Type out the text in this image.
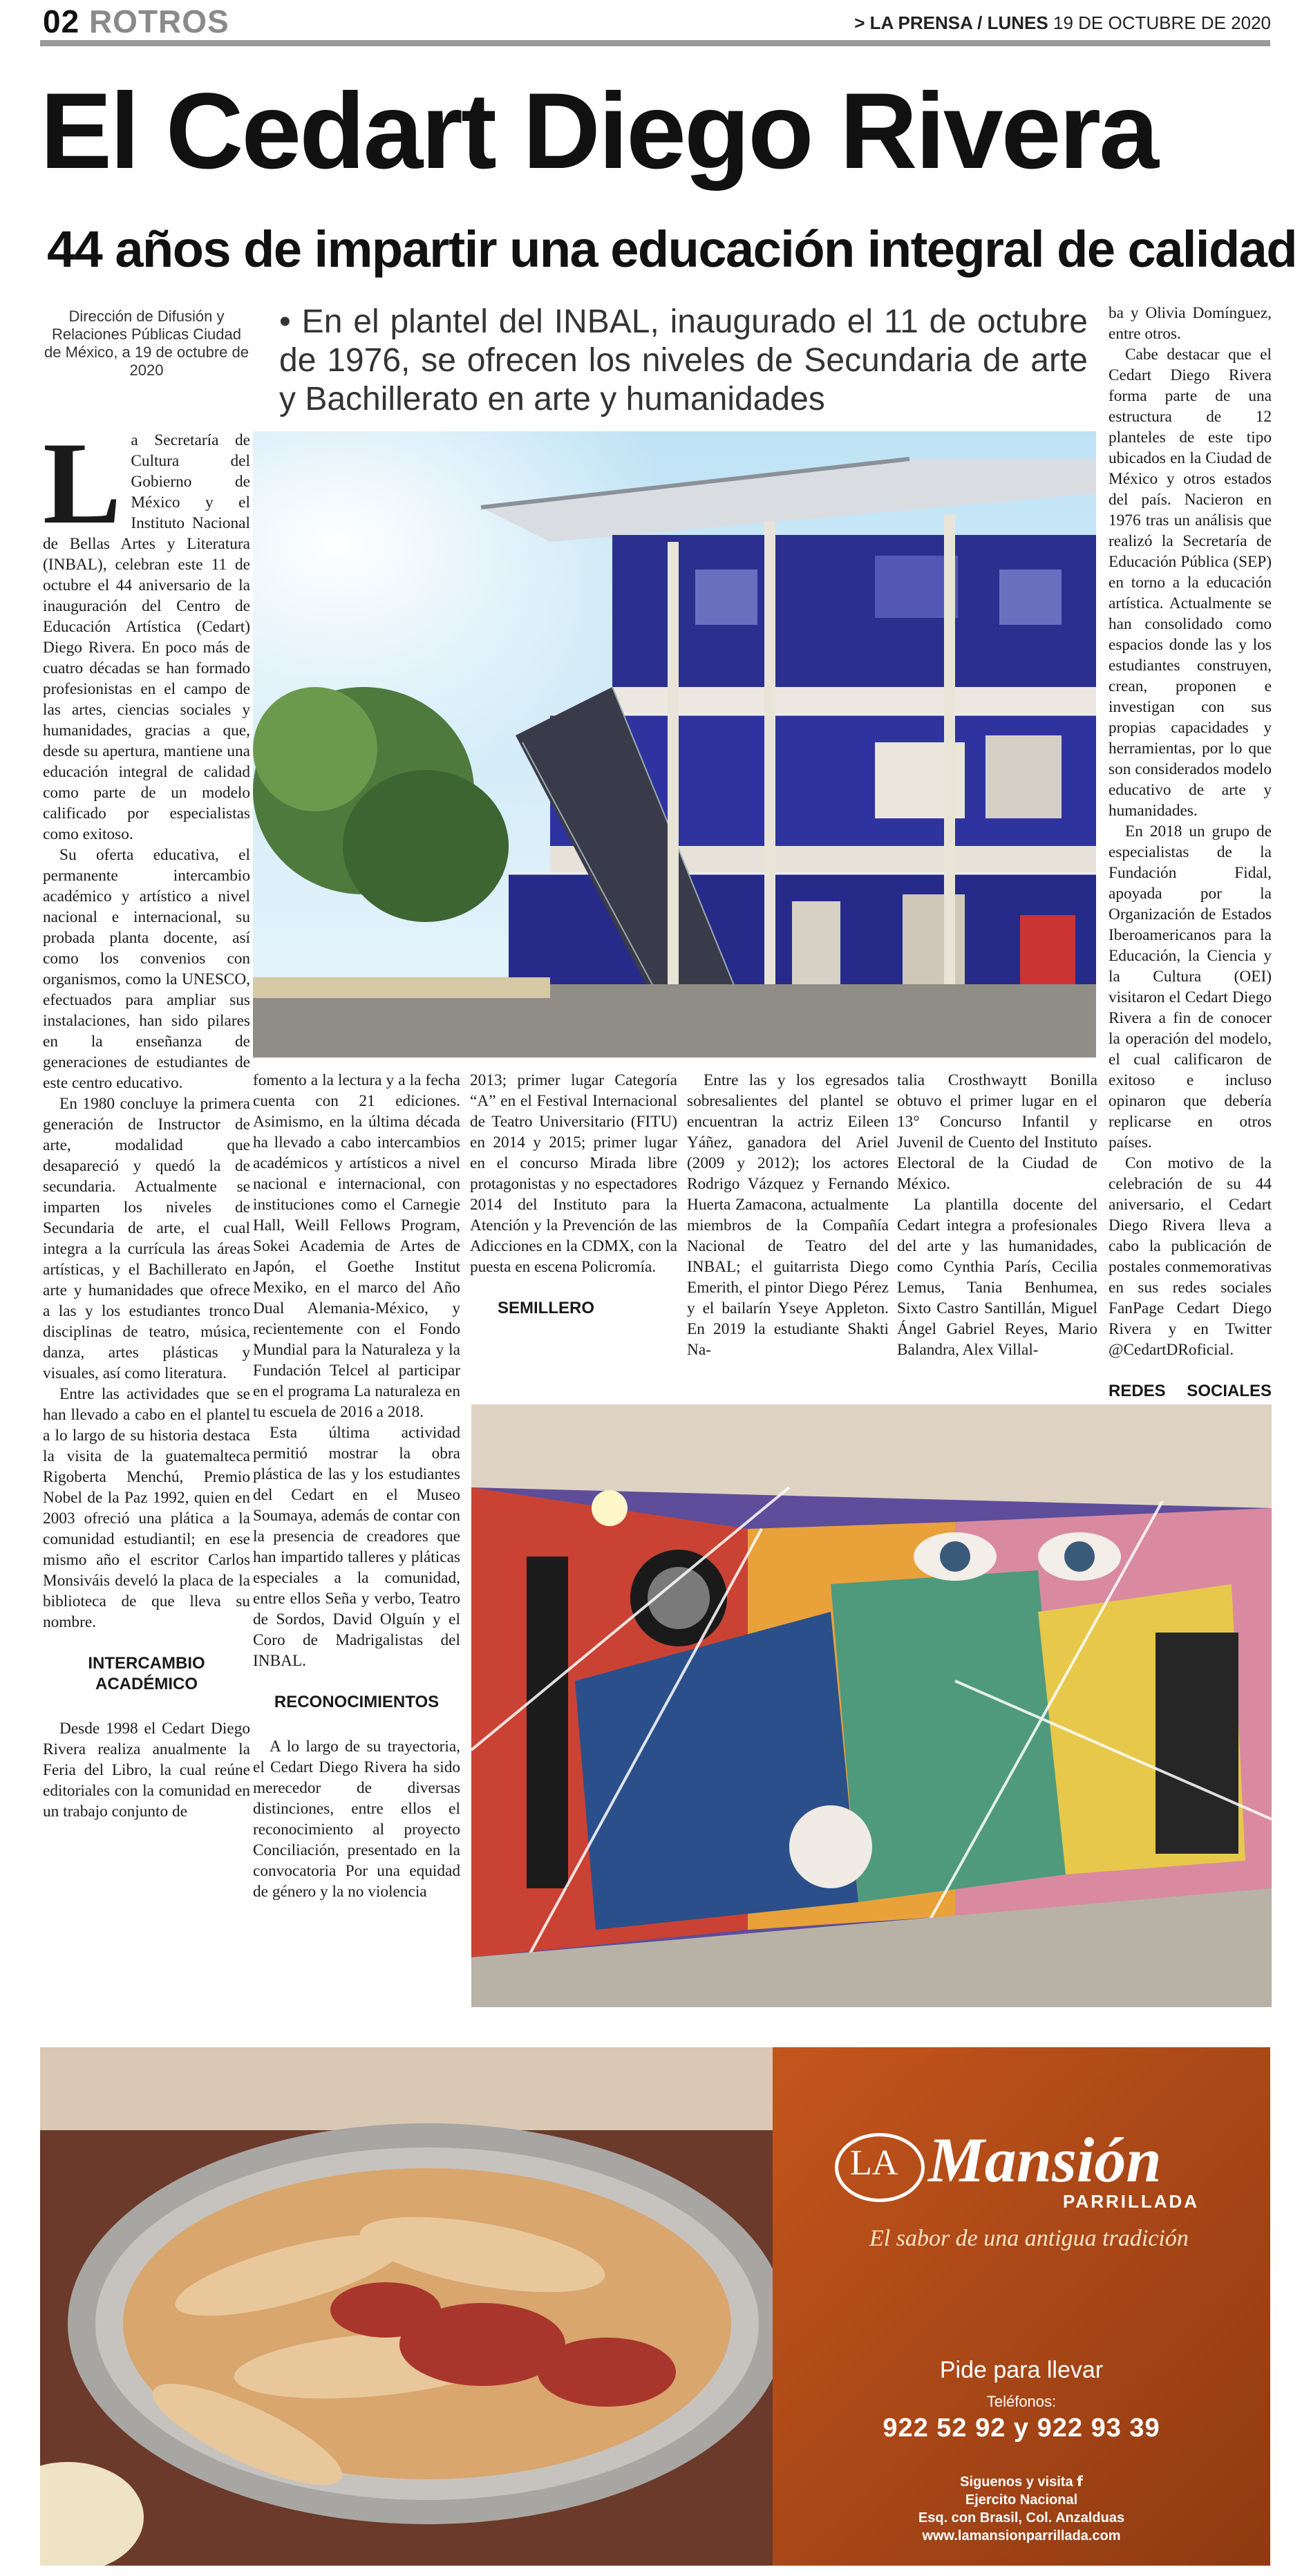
02 ROTROS	> LA PRENSA / LUNES 19 DE OCTUBRE DE 2020
El Cedart Diego Rivera
44 años de impartir una educación integral de calidad
Dirección de Difusión y Relaciones Públicas Ciudad de México, a 19 de octubre de 2020
• En el plantel del INBAL, inaugurado el 11 de octubre de 1976, se ofrecen los niveles de Secundaria de arte y Bachillerato en arte y humanidades
L a Secretaría de Cultura del Gobierno de México y el Instituto Nacional de Bellas Artes y Literatura (INBAL), celebran este 11 de octubre el 44 aniversario de la inauguración del Centro de Educación Artística (Cedart) Diego Rivera. En poco más de cuatro décadas se han formado profesionistas en el campo de las artes, ciencias sociales y humanidades, gracias a que, desde su apertura, mantiene una educación integral de calidad como parte de un modelo calificado por especialistas como exitoso.

Su oferta educativa, el permanente intercambio académico y artístico a nivel nacional e internacional, su probada planta docente, así como los convenios con organismos, como la UNESCO, efectuados para ampliar sus instalaciones, han sido pilares en la enseñanza de generaciones de estudiantes de este centro educativo.

En 1980 concluye la primera generación de Instructor de arte, modalidad que desapareció y quedó la de secundaria. Actualmente se imparten los niveles de Secundaria de arte, el cual integra a la currícula las áreas artísticas, y el Bachillerato en arte y humanidades que ofrece a las y los estudiantes tronco disciplinas de teatro, música, danza, artes plásticas y visuales, así como literatura.

Entre las actividades que se han llevado a cabo en el plantel a lo largo de su historia destaca la visita de la guatemalteca Rigoberta Menchú, Premio Nobel de la Paz 1992, quien en 2003 ofreció una plática a la comunidad estudiantil; en ese mismo año el escritor Carlos Monsiváis develó la placa de la biblioteca de que lleva su nombre.

INTERCAMBIO ACADÉMICO

Desde 1998 el Cedart Diego Rivera realiza anualmente la Feria del Libro, la cual reúne editoriales con la comunidad en un trabajo conjunto de

fomento a la lectura y a la fecha cuenta con 21 ediciones. Asimismo, en la última década ha llevado a cabo intercambios académicos y artísticos a nivel nacional e internacional, con instituciones como el Carnegie Hall, Weill Fellows Program, Sokei Academia de Artes de Japón, el Goethe Institut Mexiko, en el marco del Año Dual Alemania-México, y recientemente con el Fondo Mundial para la Naturaleza y la Fundación Telcel al participar en el programa La naturaleza en tu escuela de 2016 a 2018.

Esta última actividad permitió mostrar la obra plástica de las y los estudiantes del Cedart en el Museo Soumaya, además de contar con la presencia de creadores que han impartido talleres y pláticas especiales a la comunidad, entre ellos Seña y verbo, Teatro de Sordos, David Olguín y el Coro de Madrigalistas del INBAL.

RECONOCIMIENTOS

A lo largo de su trayectoria, el Cedart Diego Rivera ha sido merecedor de diversas distinciones, entre ellos el reconocimiento al proyecto Conciliación, presentado en la convocatoria Por una equidad de género y la no violencia

2013; primer lugar Categoría “A” en el Festival Internacional de Teatro Universitario (FITU) en 2014 y 2015; primer lugar en el concurso Mirada libre protagonistas y no espectadores 2014 del Instituto para la Atención y la Prevención de las Adicciones en la CDMX, con la puesta en escena Policromía.

SEMILLERO

Entre las y los egresados sobresalientes del plantel se encuentran la actriz Eileen Yáñez, ganadora del Ariel (2009 y 2012); los actores Rodrigo Vázquez y Fernando Huerta Zamacona, actualmente miembros de la Compañía Nacional de Teatro del INBAL; el guitarrista Diego Emerith, el pintor Diego Pérez y el bailarín Yseye Appleton. En 2019 la estudiante Shakti Na-

talia Crosthwaytt Bonilla obtuvo el primer lugar en el 13° Concurso Infantil y Juvenil de Cuento del Instituto Electoral de la Ciudad de México.

La plantilla docente del Cedart integra a profesionales del arte y las humanidades, como Cynthia París, Cecilia Lemus, Tania Benhumea, Sixto Castro Santillán, Miguel Ángel Gabriel Reyes, Mario Balandra, Alex Villal-

ba y Olivia Domínguez, entre otros.

Cabe destacar que el Cedart Diego Rivera forma parte de una estructura de 12 planteles de este tipo ubicados en la Ciudad de México y otros estados del país. Nacieron en 1976 tras un análisis que realizó la Secretaría de Educación Pública (SEP) en torno a la educación artística. Actualmente se han consolidado como espacios donde las y los estudiantes construyen, crean, proponen e investigan con sus propias capacidades y herramientas, por lo que son considerados modelo educativo de arte y humanidades.

En 2018 un grupo de especialistas de la Fundación Fidal, apoyada por la Organización de Estados Iberoamericanos para la Educación, la Ciencia y la Cultura (OEI) visitaron el Cedart Diego Rivera a fin de conocer la operación del modelo, el cual calificaron de exitoso e incluso opinaron que debería replicarse en otros países.

Con motivo de la celebración de su 44 aniversario, el Cedart Diego Rivera lleva a cabo la publicación de postales conmemorativas en sus redes sociales FanPage Cedart Diego Rivera y en Twitter @CedartDRoficial.

REDES SOCIALES

LA Mansión
PARRILLADA
El sabor de una antigua tradición
Pide para llevar
Teléfonos:
922 52 92 y 922 93 39
Siguenos y visita f
Ejercito Nacional
Esq. con Brasil, Col. Anzalduas
www.lamansionparrillada.com
